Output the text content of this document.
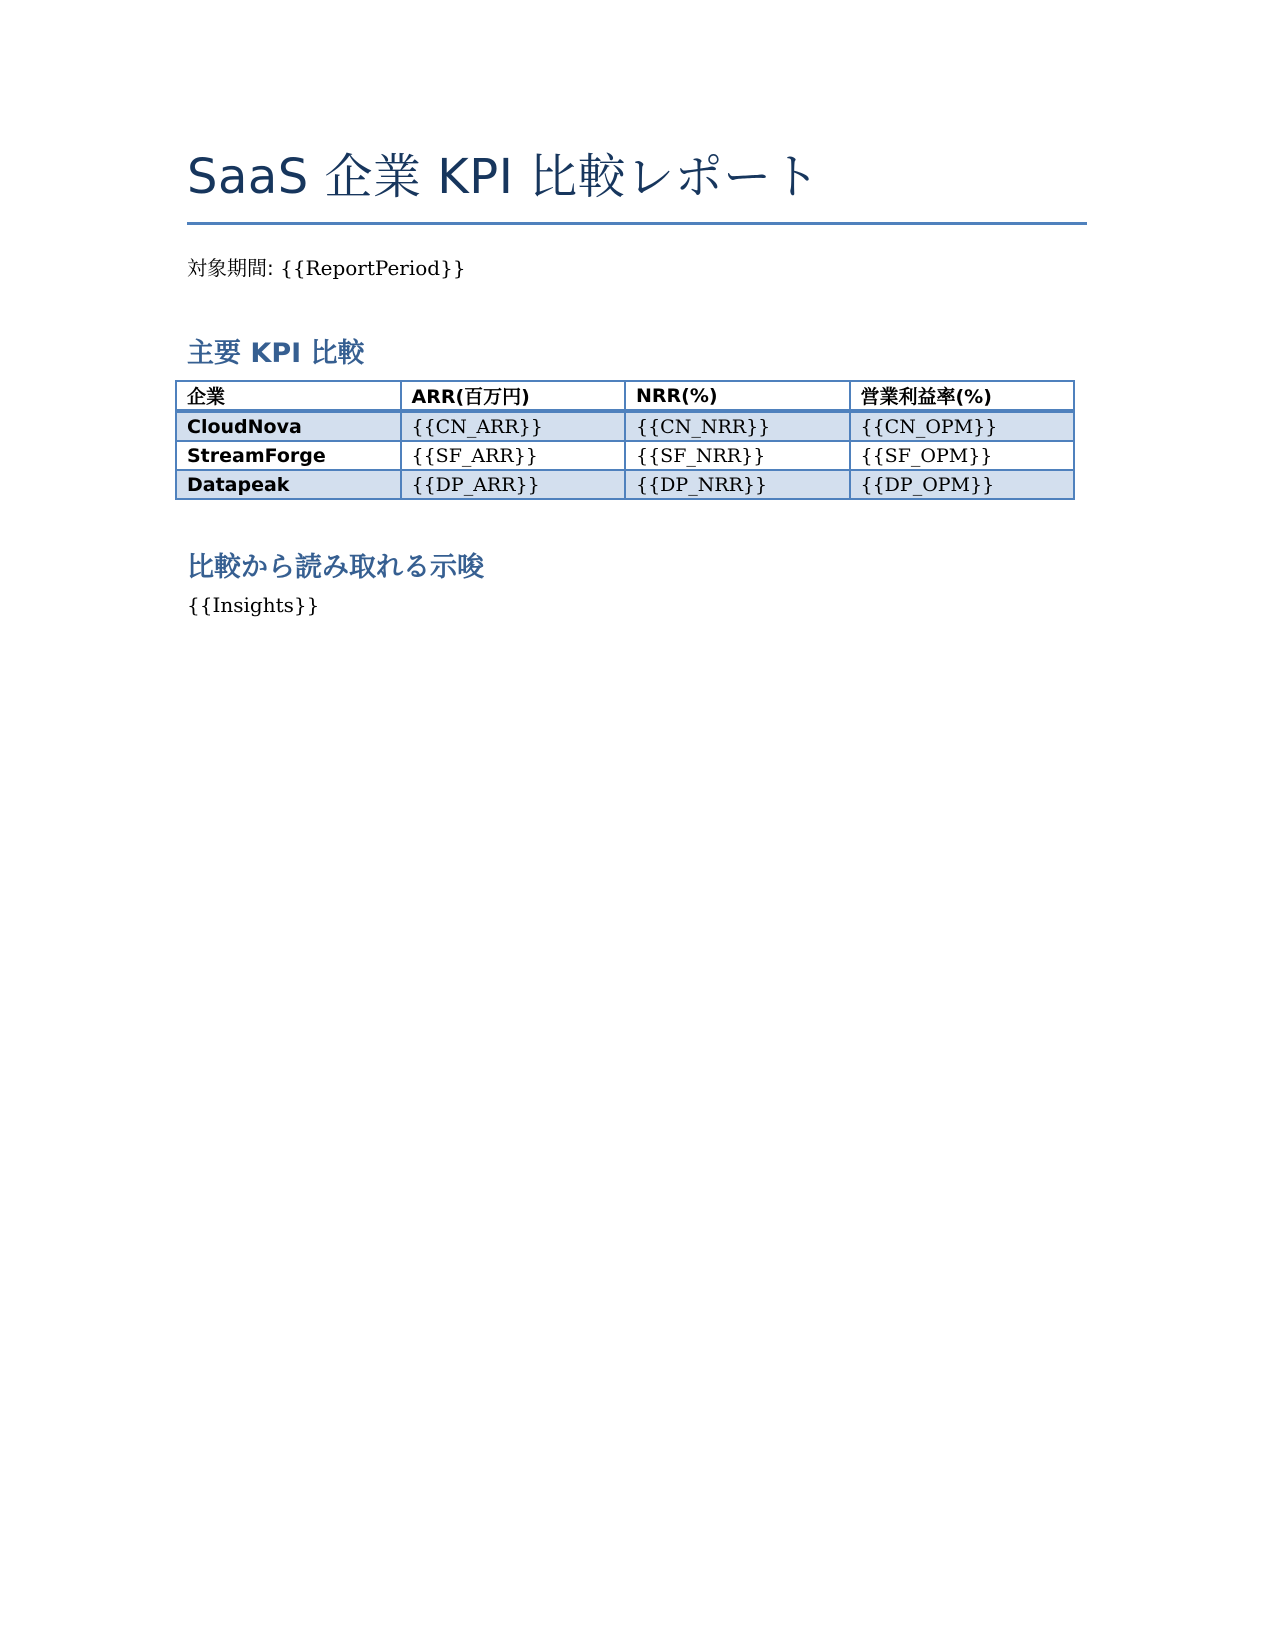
SaaS 企業 KPI 比較レポート
対象期間: {{ReportPeriod}}
主要 KPI 比較
企業	ARR(百万円)	NRR(%)	営業利益率(%)
CloudNova	{{CN_ARR}}	{{CN_NRR}}	{{CN_OPM}}
StreamForge	{{SF_ARR}}	{{SF_NRR}}	{{SF_OPM}}
Datapeak	{{DP_ARR}}	{{DP_NRR}}	{{DP_OPM}}
比較から読み取れる示唆
{{Insights}}
